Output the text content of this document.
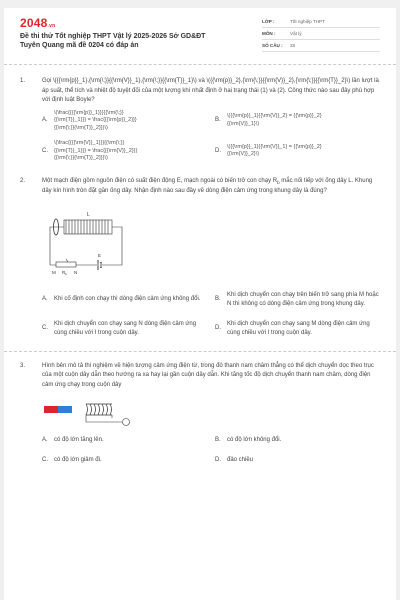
2048.vn
Đề thi thử Tốt nghiệp THPT Vật lý 2025-2026 Sở GD&ĐT
Tuyên Quang mã đề 0204 có đáp án
LỚP :	Tốt nghiệp THPT
MÔN :	Vật lý
SỐ CÂU :	28
1.	Gọi \({{\rm{p}}_1},{\rm{\;}}{{\rm{V}}_1},{\rm{\;}}{{\rm{T}}_1}\) và \({{\rm{p}}_2},{\rm{\;}}{{\rm{V}}_2},{\rm{\;}}{{\rm{T}}_2}\) lần lượt là áp suất, thể tích và nhiệt độ tuyệt đối của một lượng khí nhất định ở hai trạng thái (1) và (2). Công thức nào sau đây phù hợp với định luật Boyle?
A.
\(\frac{{{{\rm{p}}_1}}}{{\rm{\;}}
{{\rm{T}}_1}}} = \frac{{{\rm{p}}_2}}}
{{\rm{\;}}{\rm{T}}_2}}}\)
B.
\({{\rm{p}}_1}{{\rm{V}}_2} = {{\rm{p}}_2}
{{\rm{V}}_1}\)
C.
\(\frac{{{{\rm{V}}_1}}}{{\rm{\;}}
{{\rm{T}}_1}}} = \frac{{{\rm{V}}_2}}}
{{\rm{\;}}{\rm{T}}_2}}}\)
D.
\({{\rm{p}}_1}{{\rm{V}}_1} = {{\rm{p}}_2}
{{\rm{V}}_2}\)
2.	Một mạch điện gồm nguồn điện có suất điện động E, mạch ngoài có biến trở con chạy $R_b$ mắc nối tiếp với ống dây L. Khung dây kín hình tròn đặt gần ống dây. Nhận định nào sau đây về dòng điện cảm ứng trong khung dây là đúng?
L
M $R_b$ N
E
A.	Khi cố định con chạy thì dòng điện cảm ứng không đổi.	B.
Khi dịch chuyển con chạy trên biến trở sang phía M hoặc N thì không có dòng điện cảm ứng trong khung dây.
C.
Khi dịch chuyển con chạy sang N dòng điện cảm ứng cùng chiều với I trong cuộn dây.
D.
Khi dịch chuyển con chạy sang M dòng điện cảm ứng cùng chiều với I trong cuộn dây.
3.	Hình bên mô tả thí nghiệm về hiện tượng cảm ứng điện từ, trong đó thanh nam châm thẳng có thể dịch chuyển dọc theo trục của một cuộn dây dẫn theo hướng ra xa hay lại gần cuộn dây dẫn. Khi tăng tốc độ dịch chuyển thanh nam châm, dòng điện cảm ứng chạy trong cuộn dây
A.	có độ lớn tăng lên.	B.	có độ lớn không đổi.
C.	có độ lớn giảm đi.	D.	đảo chiều
